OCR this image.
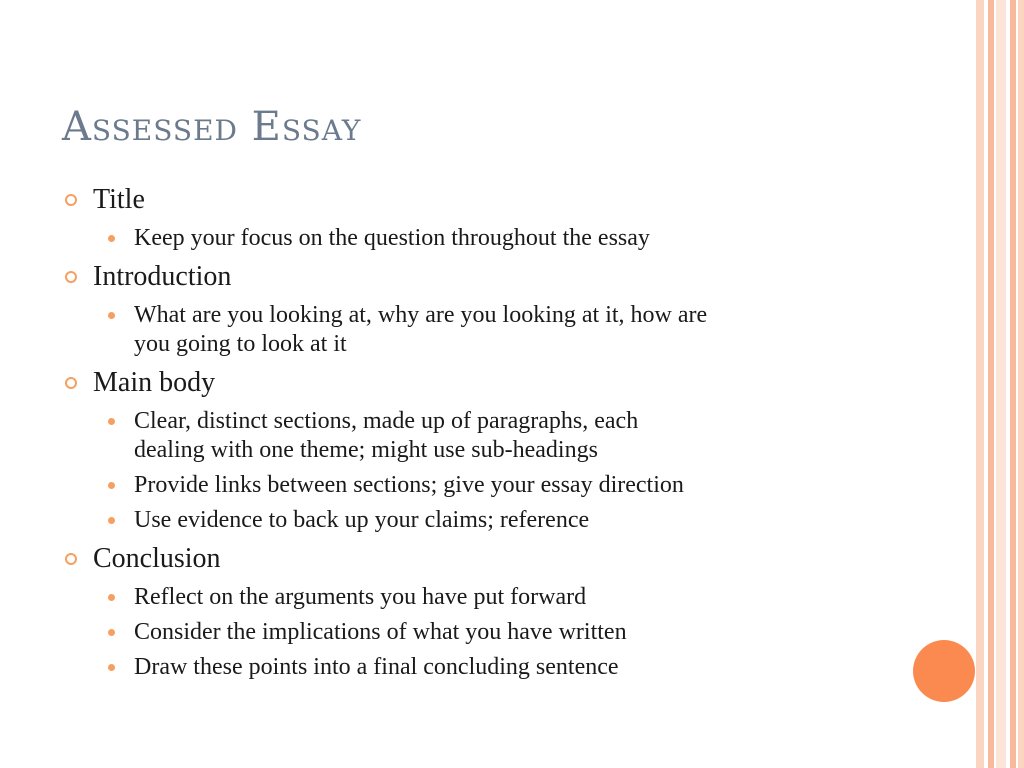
Assessed Essay
Title
Keep your focus on the question throughout the essay
Introduction
What are you looking at, why are you looking at it, how are
you going to look at it
Main body
Clear, distinct sections, made up of paragraphs, each
dealing with one theme; might use sub-headings
Provide links between sections; give your essay direction
Use evidence to back up your claims; reference
Conclusion
Reflect on the arguments you have put forward
Consider the implications of what you have written
Draw these points into a final concluding sentence
